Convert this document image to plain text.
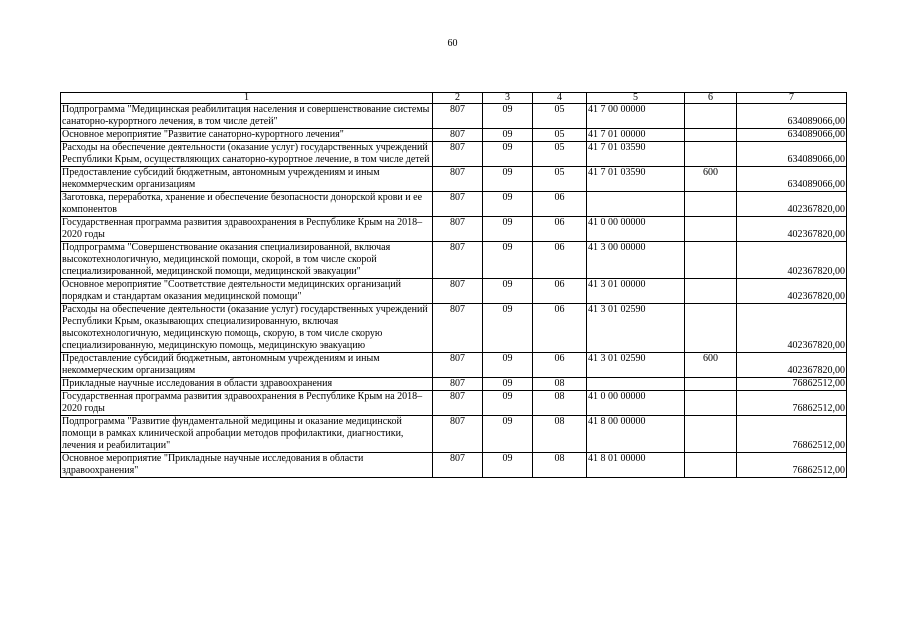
60
1	2	3	4	5	6	7
Подпрограмма "Медицинская реабилитация населения и совершенствование системы санаторно-курортного лечения, в том числе детей"	807	09	05	41 7 00 00000		634089066,00
Основное мероприятие "Развитие санаторно-курортного лечения"	807	09	05	41 7 01 00000		634089066,00
Расходы на обеспечение деятельности (оказание услуг) государственных учреждений Республики Крым, осуществляющих санаторно-курортное лечение, в том числе детей	807	09	05	41 7 01 03590		634089066,00
Предоставление субсидий бюджетным, автономным учреждениям и иным некоммерческим организациям	807	09	05	41 7 01 03590	600	634089066,00
Заготовка, переработка, хранение и обеспечение безопасности донорской крови и ее компонентов	807	09	06			402367820,00
Государственная программа развития здравоохранения в Республике Крым на 2018–2020 годы	807	09	06	41 0 00 00000		402367820,00
Подпрограмма "Совершенствование оказания специализированной, включая высокотехнологичную, медицинской помощи, скорой, в том числе скорой специализированной, медицинской помощи, медицинской эвакуации"	807	09	06	41 3 00 00000		402367820,00
Основное мероприятие "Соответствие деятельности медицинских организаций порядкам и стандартам оказания медицинской помощи"	807	09	06	41 3 01 00000		402367820,00
Расходы на обеспечение деятельности (оказание услуг) государственных учреждений Республики Крым, оказывающих специализированную, включая высокотехнологичную, медицинскую помощь, скорую, в том числе скорую специализированную, медицинскую помощь, медицинскую эвакуацию	807	09	06	41 3 01 02590		402367820,00
Предоставление субсидий бюджетным, автономным учреждениям и иным некоммерческим организациям	807	09	06	41 3 01 02590	600	402367820,00
Прикладные научные исследования в области здравоохранения	807	09	08			76862512,00
Государственная программа развития здравоохранения в Республике Крым на 2018–2020 годы	807	09	08	41 0 00 00000		76862512,00
Подпрограмма "Развитие фундаментальной медицины и оказание медицинской помощи в рамках клинической апробации методов профилактики, диагностики, лечения и реабилитации"	807	09	08	41 8 00 00000		76862512,00
Основное мероприятие "Прикладные научные исследования в области здравоохранения"	807	09	08	41 8 01 00000		76862512,00
